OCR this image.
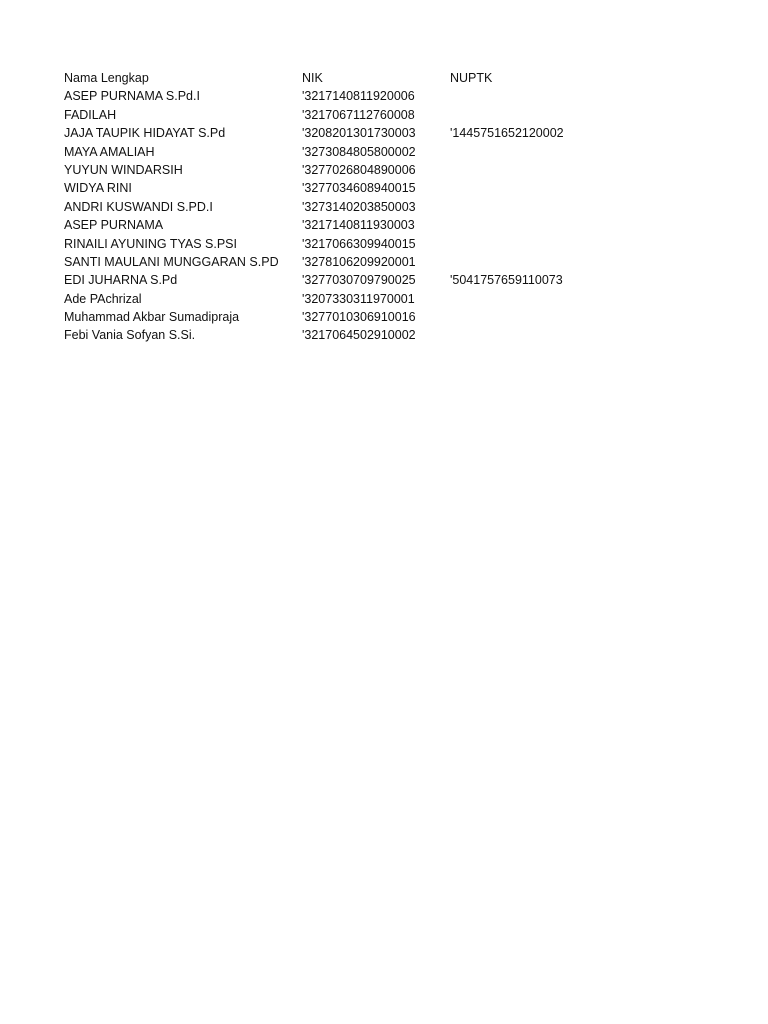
Nama Lengkap	NIK	NUPTK
ASEP PURNAMA S.Pd.I	'3217140811920006
FADILAH	'3217067112760008
JAJA TAUPIK HIDAYAT S.Pd	'3208201301730003	'1445751652120002
MAYA AMALIAH	'3273084805800002
YUYUN WINDARSIH	'3277026804890006
WIDYA RINI	'3277034608940015
ANDRI KUSWANDI S.PD.I	'3273140203850003
ASEP PURNAMA	'3217140811930003
RINAILI AYUNING TYAS S.PSI	'3217066309940015
SANTI MAULANI MUNGGARAN S.PD	'3278106209920001
EDI JUHARNA S.Pd	'3277030709790025	'5041757659110073
Ade PAchrizal	'3207330311970001
Muhammad Akbar Sumadipraja	'3277010306910016
Febi Vania Sofyan S.Si.	'3217064502910002
